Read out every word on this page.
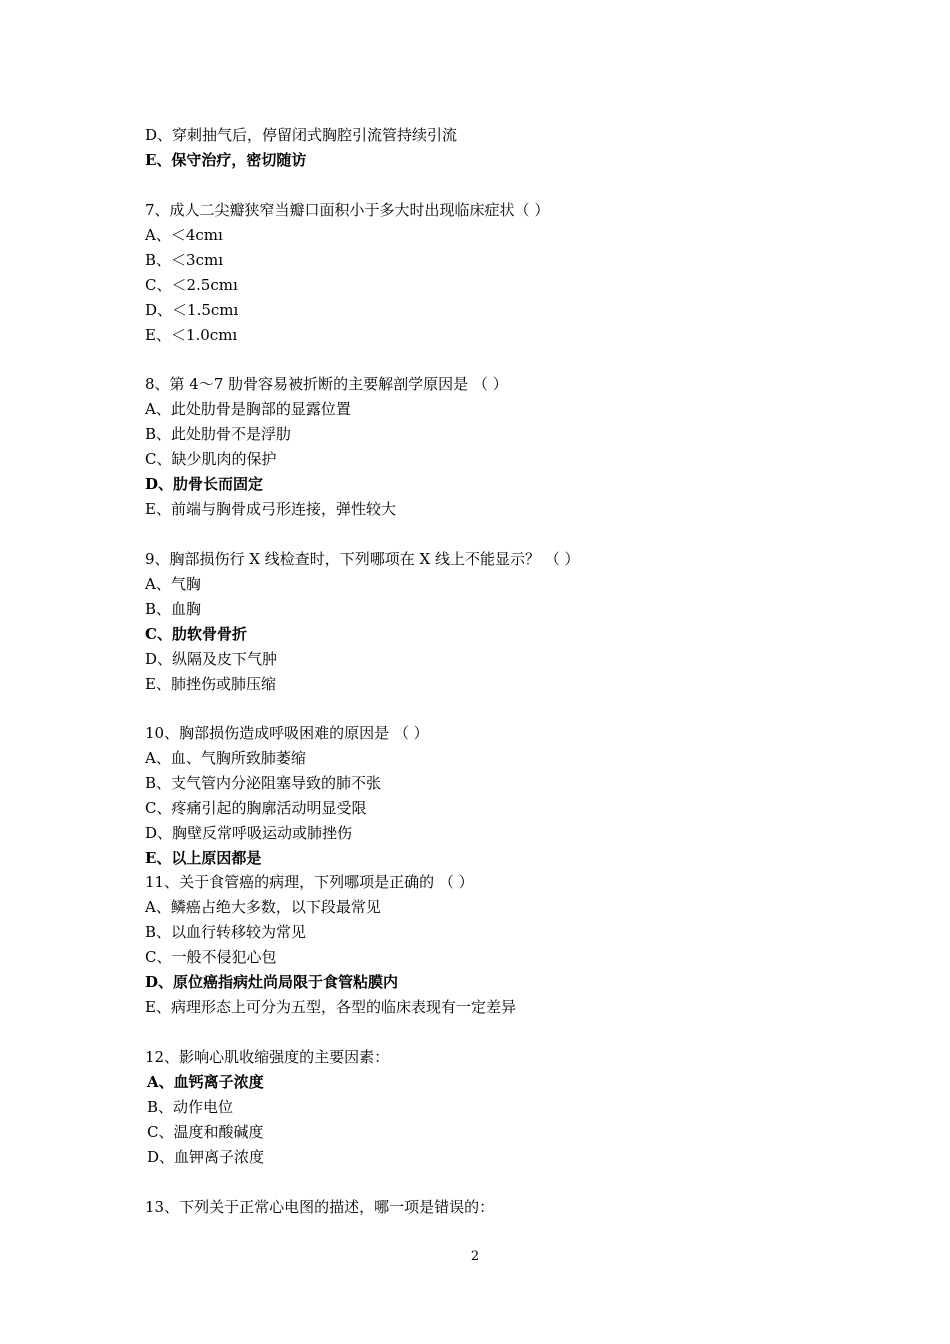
D、穿刺抽气后，停留闭式胸腔引流管持续引流
E、保守治疗，密切随访
7、成人二尖瓣狭窄当瓣口面积小于多大时出现临床症状（ ）
A、＜4cmı
B、＜3cmı
C、＜2.5cmı
D、＜1.5cmı
E、＜1.0cmı
8、第 4～7 肋骨容易被折断的主要解剖学原因是 （ ）
A、此处肋骨是胸部的显露位置
B、此处肋骨不是浮肋
C、缺少肌肉的保护
D、肋骨长而固定
E、前端与胸骨成弓形连接，弹性较大
9、胸部损伤行 X 线检查时，下列哪项在 X 线上不能显示？ （ ）
A、气胸
B、血胸
C、肋软骨骨折
D、纵隔及皮下气肿
E、肺挫伤或肺压缩
10、胸部损伤造成呼吸困难的原因是 （ ）
A、血、气胸所致肺萎缩
B、支气管内分泌阻塞导致的肺不张
C、疼痛引起的胸廓活动明显受限
D、胸壁反常呼吸运动或肺挫伤
E、以上原因都是
11、关于食管癌的病理，下列哪项是正确的 （ ）
A、鳞癌占绝大多数，以下段最常见
B、以血行转移较为常见
C、一般不侵犯心包
D、原位癌指病灶尚局限于食管粘膜内
E、病理形态上可分为五型，各型的临床表现有一定差异
12、影响心肌收缩强度的主要因素：
A、血钙离子浓度
B、动作电位
C、温度和酸碱度
D、血钾离子浓度
13、下列关于正常心电图的描述，哪一项是错误的：
2
